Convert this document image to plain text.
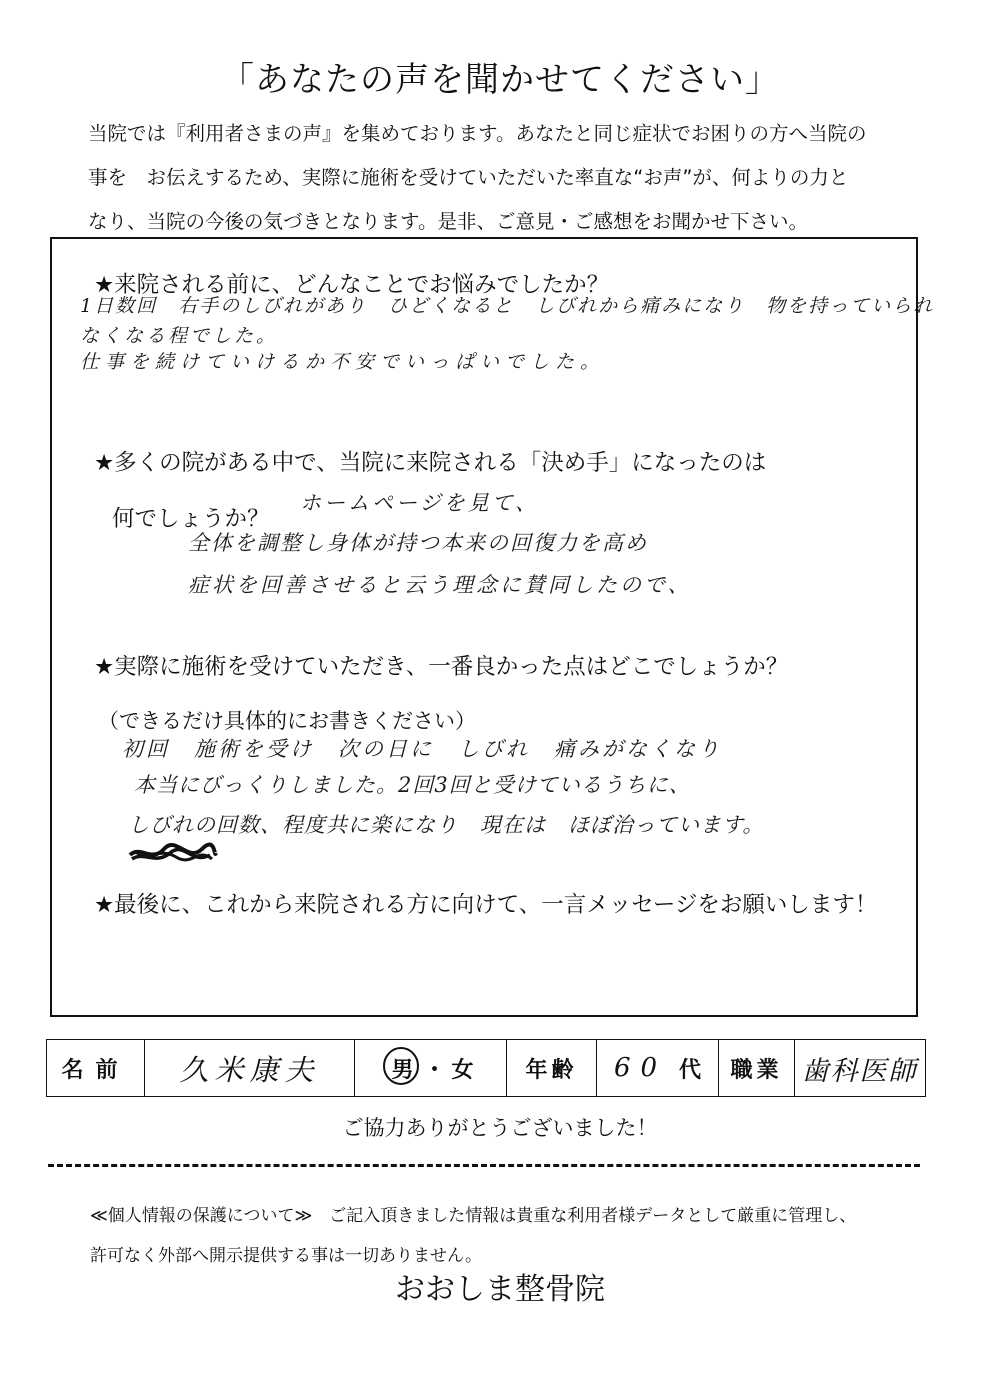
「あなたの声を聞かせてください」
当院では『利用者さまの声』を集めております。あなたと同じ症状でお困りの方へ当院の
事を　お伝えするため、実際に施術を受けていただいた率直な“お声”が、何よりの力と
なり、当院の今後の気づきとなります。是非、ご意見・ご感想をお聞かせ下さい。
★来院される前に、どんなことでお悩みでしたか？
1日数回　右手のしびれがあり　ひどくなると　しびれから痛みになり　物を持っていられ
なくなる程でした。
仕事を続けていけるか不安でいっぱいでした。
★多くの院がある中で、当院に来院される「決め手」になったのは
何でしょうか？
ホームページを見て、
全体を調整し身体が持つ本来の回復力を高め
症状を回善させると云う理念に賛同したので、
★実際に施術を受けていただき、一番良かった点はどこでしょうか？
（できるだけ具体的にお書きください）
初回　施術を受け　次の日に　しびれ　痛みがなくなり
本当にびっくりしました。2回3回と受けているうちに、
しびれの回数、程度共に楽になり　現在は　ほぼ治っています。
★最後に、これから来院される方に向けて、一言メッセージをお願いします！
名前 久米康夫	男 ・ 女 年齢 60 代 職業 歯科医師
ご協力ありがとうございました！
≪個人情報の保護について≫　ご記入頂きました情報は貴重な利用者様データとして厳重に管理し、
許可なく外部へ開示提供する事は一切ありません。
おおしま整骨院
